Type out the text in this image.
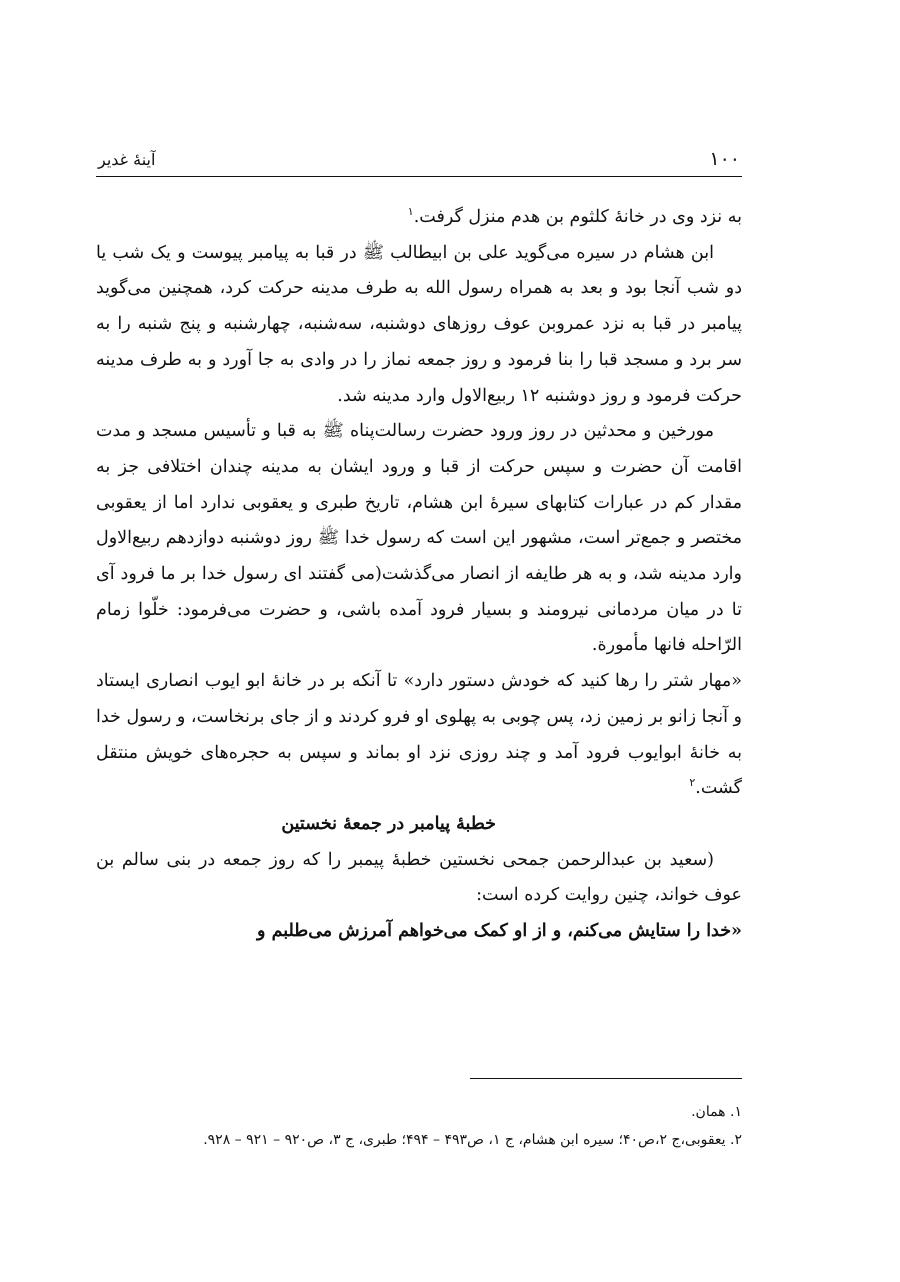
۱۰۰
آینهٔ غدیر

به نزد وی در خانهٔ کلثوم بن هدم منزل گرفت.$^۱$

ابن هشام در سیره می‌گوید علی بن ابیطالب ﷺ در قبا به پیامبر پیوست و یک شب یا دو شب آنجا بود و بعد به همراه رسول الله به طرف مدینه حرکت کرد، همچنین می‌گوید پیامبر در قبا به نزد عمروبن عوف روزهای دوشنبه، سه‌شنبه، چهارشنبه و پنج شنبه را به سر برد و مسجد قبا را بنا فرمود و روز جمعه نماز را در وادی به جا آورد و به طرف مدینه حرکت فرمود و روز دوشنبه ۱۲ ربیع‌الاول وارد مدینه شد.

مورخین و محدثین در روز ورود حضرت رسالت‌پناه ﷺ به قبا و تأسیس مسجد و مدت اقامت آن حضرت و سپس حرکت از قبا و ورود ایشان به مدینه چندان اختلافی جز به مقدار کم در عبارات کتابهای سیرهٔ ابن هشام، تاریخ طبری و یعقوبی ندارد اما از یعقوبی مختصر و جمع‌تر است، مشهور این است که رسول خدا ﷺ روز دوشنبه دوازدهم ربیع‌الاول وارد مدینه شد، و به هر طایفه از انصار می‌گذشت(می گفتند ای رسول خدا بر ما فرود آی تا در میان مردمانی نیرومند و بسیار فرود آمده باشی، و حضرت می‌فرمود: خلّوا زمام الرّاحله فانها مأمورة.

«مهار شتر را رها کنید که خودش دستور دارد» تا آنکه بر در خانهٔ ابو ایوب انصاری ایستاد و آنجا زانو بر زمین زد، پس چوبی به پهلوی او فرو کردند و از جای برنخاست، و رسول خدا به خانهٔ ابوایوب فرود آمد و چند روزی نزد او بماند و سپس به حجره‌های خویش منتقل گشت.$^۲$

خطبهٔ پیامبر در جمعهٔ نخستین

(سعید بن عبدالرحمن جمحی نخستین خطبهٔ پیمبر را که روز جمعه در بنی سالم بن عوف خواند، چنین روایت کرده است:

«خدا را ستایش می‌کنم، و از او کمک می‌خواهم آمرزش می‌طلبم و

۱. همان.
۲. یعقوبی،ج ۲،ص۴۰؛ سیره ابن هشام، ج ۱، ص۴۹۳ – ۴۹۴؛ طبری، ج ۳، ص۹۲۰ – ۹۲۱ – ۹۲۸.
